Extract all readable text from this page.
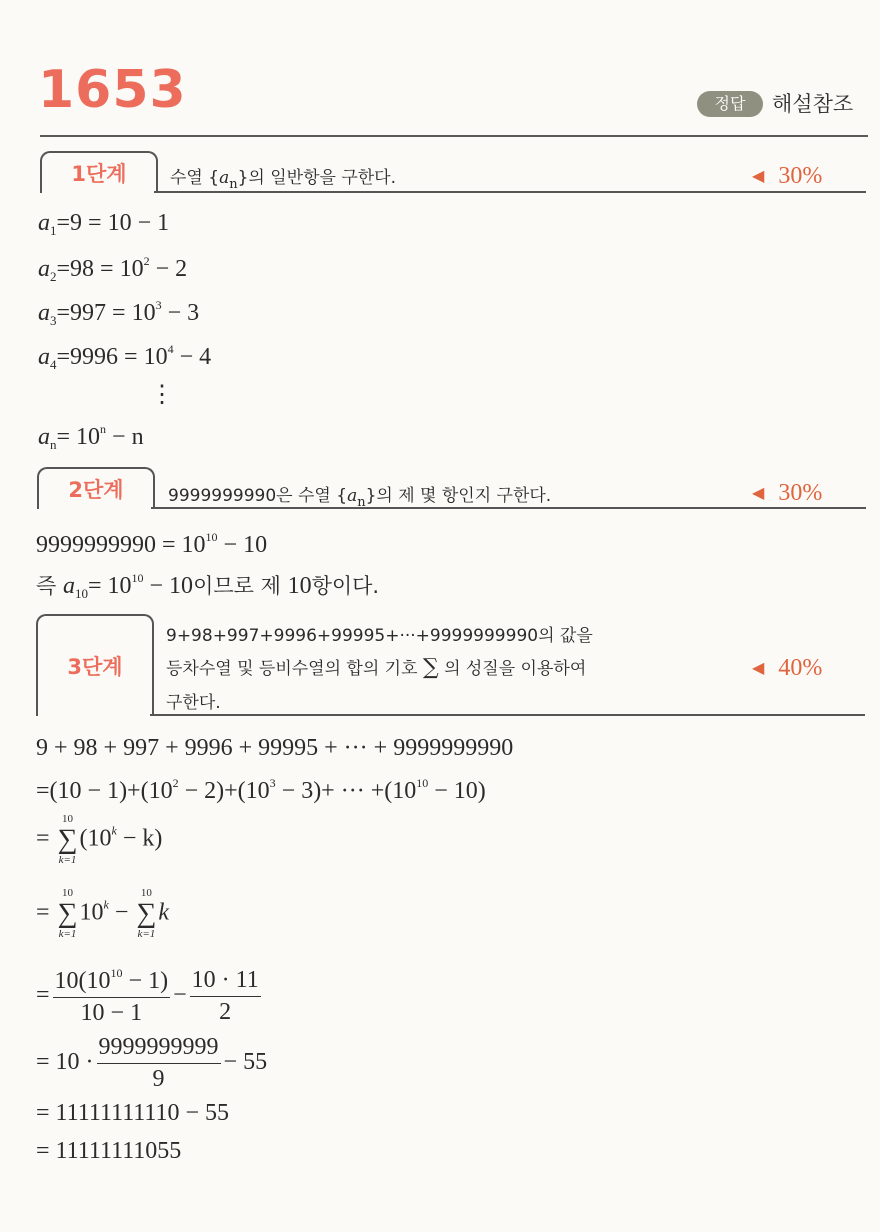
1653	정답	해설참조
1단계	수열 $\{a_n\}$의 일반항을 구한다.	◀ 30%
$a_1=9 = 10 - 1$
$a_2=98 = 10^2 - 2$
$a_3=997 = 10^3 - 3$
$a_4=9996 = 10^4 - 4$
⋮
$a_n= 10^n - n$
2단계	9999999990은 수열 $\{a_n\}$의 제 몇 항인지 구한다.	◀ 30%
$9999999990 = 10^{10} - 10$
즉 $a_{10}= 10^{10} - 10$이므로 제 10항이다.
3단계
9+98+997+9996+99995+···+9999999990의 값을
등차수열 및 등비수열의 합의 기호 ∑ 의 성질을 이용하여
구한다.
◀ 40%
9 + 98 + 997 + 9996 + 99995 + ··· + 9999999990
$=(10 - 1)+(10^2 - 2)+(10^3 - 3)+$ ··· $+(10^{10} - 10)$
=
10
∑
k=1
$(10^k - k)$
=
10
∑
k=1
$10^k$ −
10
∑
k=1
k
= $\frac{10(10^{10} - 1)}{10 - 1} - \frac{10 \cdot 11}{2}$
= $10 \cdot \frac{9999999999}{9} - 55$
= 11111111110 − 55
= 11111111055
